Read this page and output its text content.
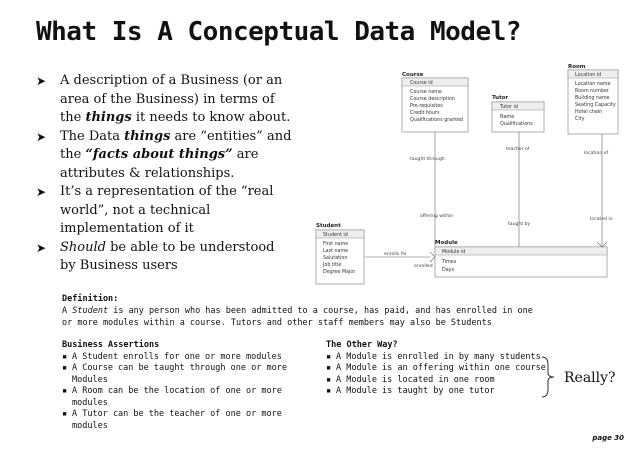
What Is A Conceptual Data Model?

➤ A description of a Business (or an area of the Business) in terms of the things it needs to know about.

➤ The Data things are “entities” and the “facts about things” are attributes & relationships.

➤ It’s a representation of the “real world”, not a technical implementation of it

➤ Should be able to be understood by Business users

Course
Course id
Course name
Course description
Pre-requisites
Credit hours
Qualifications granted
Tutor
Tutor id
Name
Qualifications
Room
Location id
Location name
Room number
Building name
Seating Capacity
Hotel chain
City
Student
Student id
First name
Last name
Salutation
Job title
Degree Major
Module
Module id
Times
Days
taught through
teacher of
location of
offering within
taught by
located in
enrolls for
enrolled
Definition:
A Student is any person who has been admitted to a course, has paid, and has enrolled in one or more modules within a course. Tutors and other staff members may also be Students
Business Assertions
▪ A Student enrolls for one or more modules
▪ A Course can be taught through one or more Modules
▪ A Room can be the location of one or more modules
▪ A Tutor can be the teacher of one or more modules
The Other Way?
▪ A Module is enrolled in by many students
▪ A Module is an offering within one course
▪ A Module is located in one room
▪ A Module is taught by one tutor
Really?
page 30
